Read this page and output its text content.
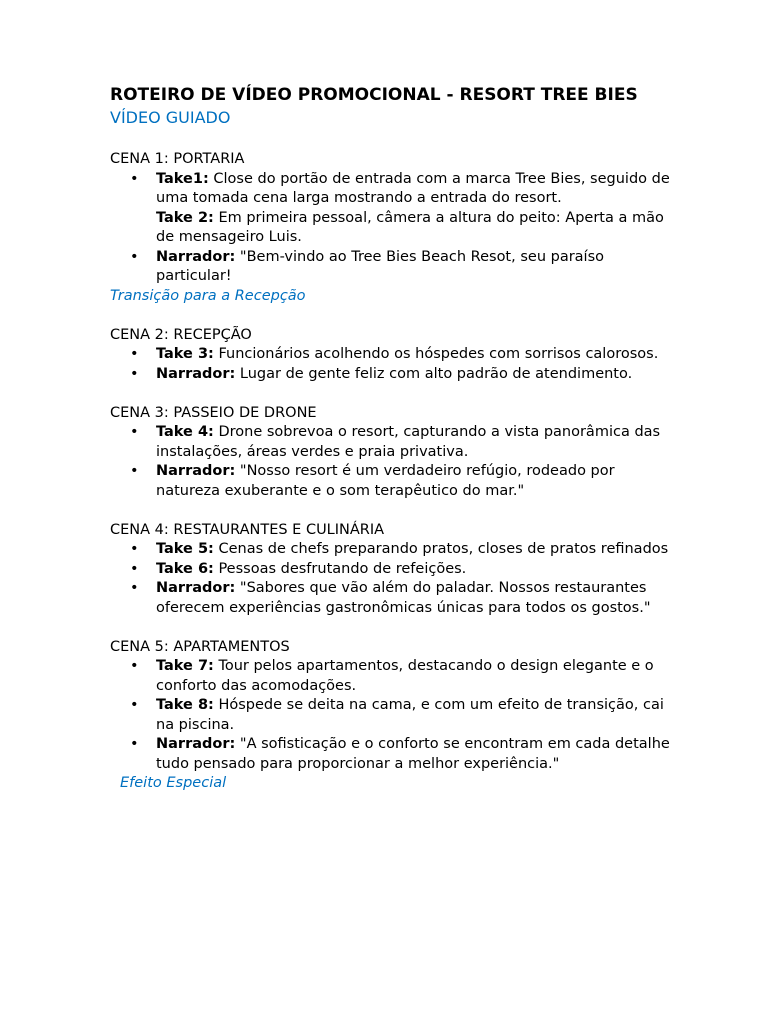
ROTEIRO DE VÍDEO PROMOCIONAL - RESORT TREE BIES
VÍDEO GUIADO

CENA 1: PORTARIA

• Take1: Close do portão de entrada com a marca Tree Bies, seguido de uma tomada cena larga mostrando a entrada do resort.
Take 2: Em primeira pessoal, câmera a altura do peito: Aperta a mão de mensageiro Luis.
• Narrador: "Bem-vindo ao Tree Bies Beach Resot, seu paraíso particular!

Transição para a Recepção

CENA 2: RECEPÇÃO

• Take 3: Funcionários acolhendo os hóspedes com sorrisos calorosos.
• Narrador: Lugar de gente feliz com alto padrão de atendimento.

CENA 3: PASSEIO DE DRONE

• Take 4: Drone sobrevoa o resort, capturando a vista panorâmica das instalações, áreas verdes e praia privativa.
• Narrador: "Nosso resort é um verdadeiro refúgio, rodeado por natureza exuberante e o som terapêutico do mar."

CENA 4: RESTAURANTES E CULINÁRIA

• Take 5: Cenas de chefs preparando pratos, closes de pratos refinados
• Take 6: Pessoas desfrutando de refeições.
• Narrador: "Sabores que vão além do paladar. Nossos restaurantes oferecem experiências gastronômicas únicas para todos os gostos."

CENA 5: APARTAMENTOS

• Take 7: Tour pelos apartamentos, destacando o design elegante e o conforto das acomodações.
• Take 8: Hóspede se deita na cama, e com um efeito de transição, cai na piscina.
• Narrador: "A sofisticação e o conforto se encontram em cada detalhe tudo pensado para proporcionar a melhor experiência."

Efeito Especial
